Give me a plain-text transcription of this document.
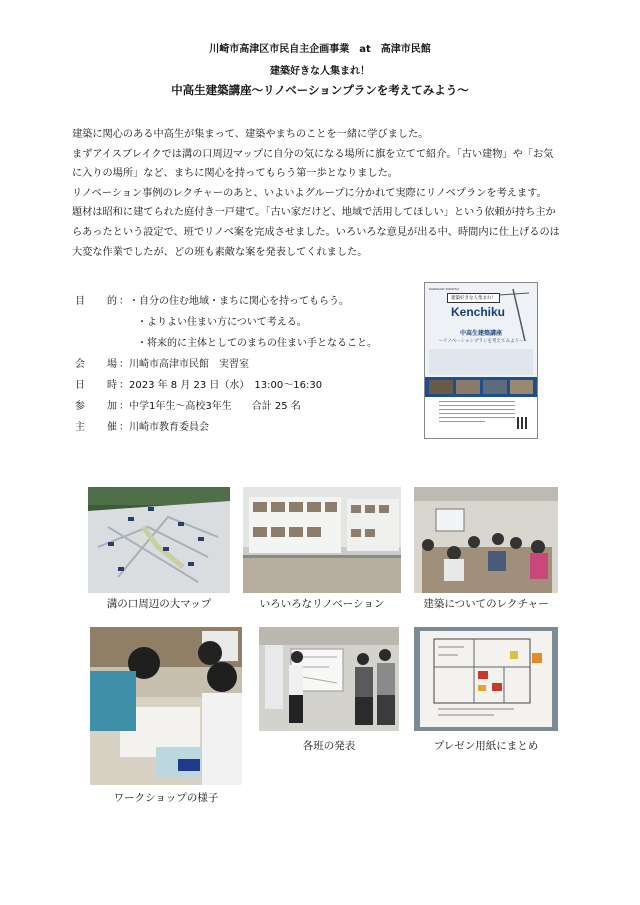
川崎市高津区市民自主企画事業　at　高津市民館
建築好きな人集まれ！
中高生建築講座～リノベーションプランを考えてみよう～

建築に関心のある中高生が集まって、建築やまちのことを一緒に学びました。

まずアイスブレイクでは溝の口周辺マップに自分の気になる場所に旗を立てて紹介。「古い建物」や「お気

に入りの場所」など、まちに関心を持ってもらう第一歩となりました。

リノベーション事例のレクチャーのあと、いよいよグループに分かれて実際にリノベプランを考えます。

題材は昭和に建てられた庭付き一戸建て。「古い家だけど、地域で活用してほしい」という依頼が持ち主か

らあったという設定で、班でリノベ案を完成させました。いろいろな意見が出る中、時間内に仕上げるのは

大変な作業でしたが、どの班も素敵な案を発表してくれました。

目的 ： ・自分の住む地域・まちに関心を持ってもらう。
・よりよい住まい方について考える。
・将来的に主体としてのまちの住まい手となること。
会場 ： 川崎市高津市民館　実習室
日時 ： 2023 年 8 月 23 日（水）　13:00～16:30
参加 ： 中学1年生～高校3年生　　合計 25 名
主催 ： 川崎市教育委員会
KAWASAKI TAKATSU
建築好きな人集まれ！
Kenchiku
中高生建築講座
～リノベーションプランを考えてみよう～
溝の口周辺の大マップ	いろいろなリノベーション	建築についてのレクチャー
ワークショップの様子
各班の発表	プレゼン用紙にまとめ
